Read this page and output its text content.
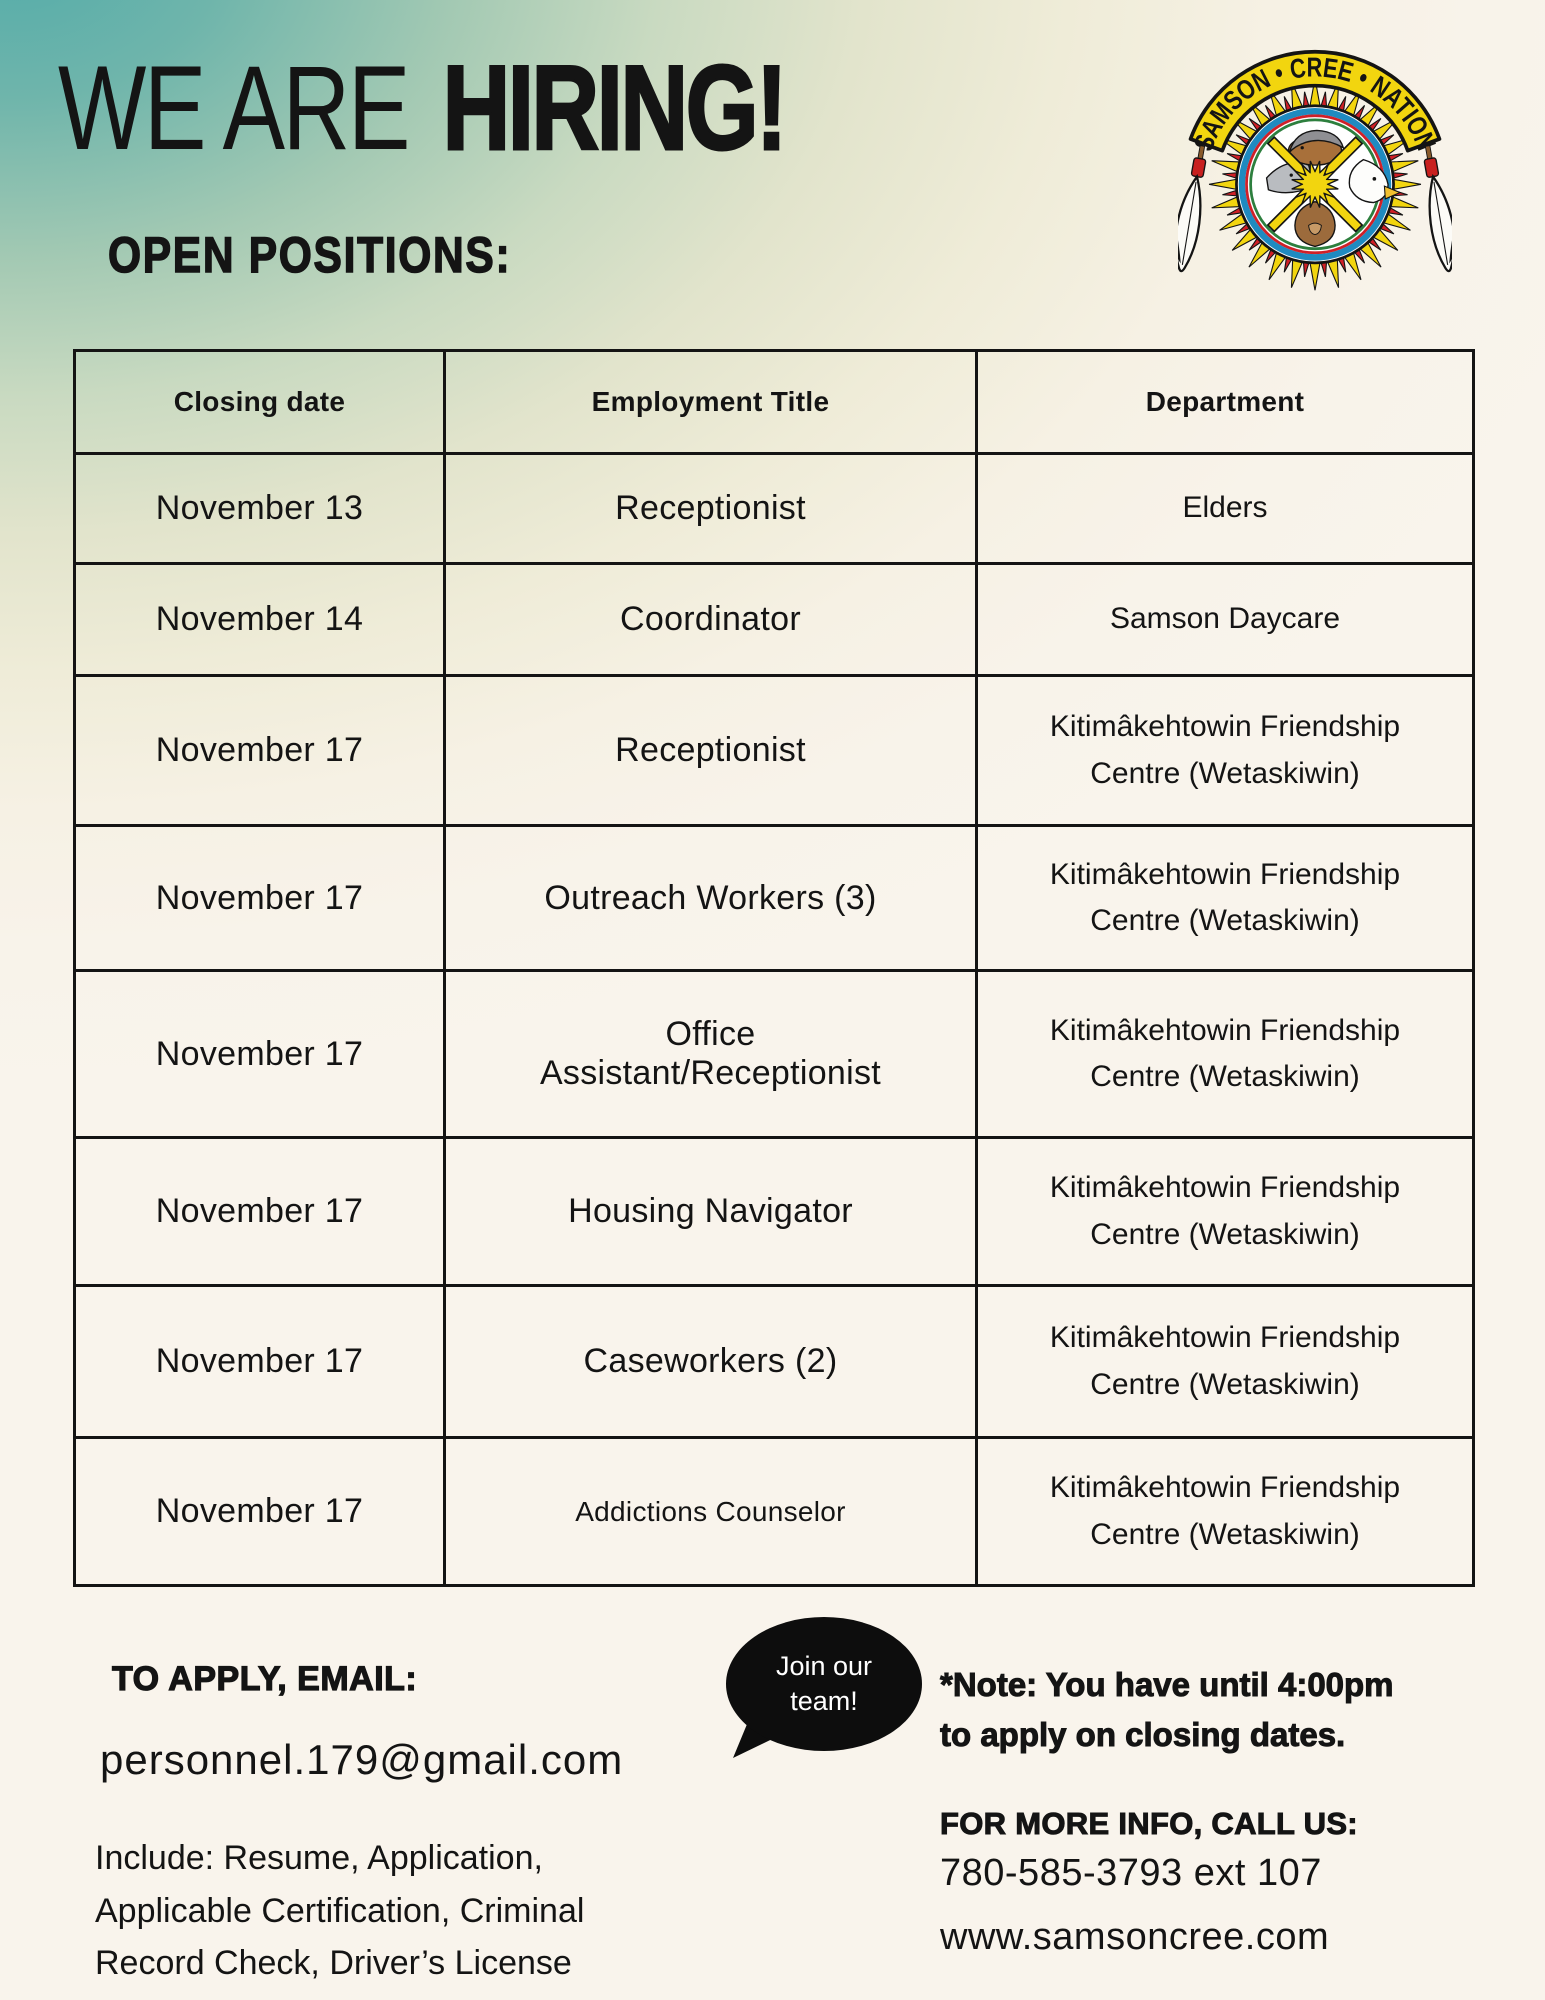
WE ARE HIRING!
OPEN POSITIONS:
SAMSON • CREE • NATION
Closing date	Employment Title	Department
November 13	Receptionist	Elders
November 14	Coordinator	Samson Daycare
November 17	Receptionist	Kitimâkehtowin Friendship Centre (Wetaskiwin)
November 17	Outreach Workers (3)	Kitimâkehtowin Friendship Centre (Wetaskiwin)
November 17	Office Assistant/Receptionist	Kitimâkehtowin Friendship Centre (Wetaskiwin)
November 17	Housing Navigator	Kitimâkehtowin Friendship Centre (Wetaskiwin)
November 17	Caseworkers (2)	Kitimâkehtowin Friendship Centre (Wetaskiwin)
November 17	Addictions Counselor	Kitimâkehtowin Friendship Centre (Wetaskiwin)
TO APPLY, EMAIL:
personnel.179@gmail.com
Include: Resume, Application, Applicable Certification, Criminal Record Check, Driver’s License
Join our team!	*Note: You have until 4:00pm to apply on closing dates.
FOR MORE INFO, CALL US:
780-585-3793 ext 107
www.samsoncree.com
